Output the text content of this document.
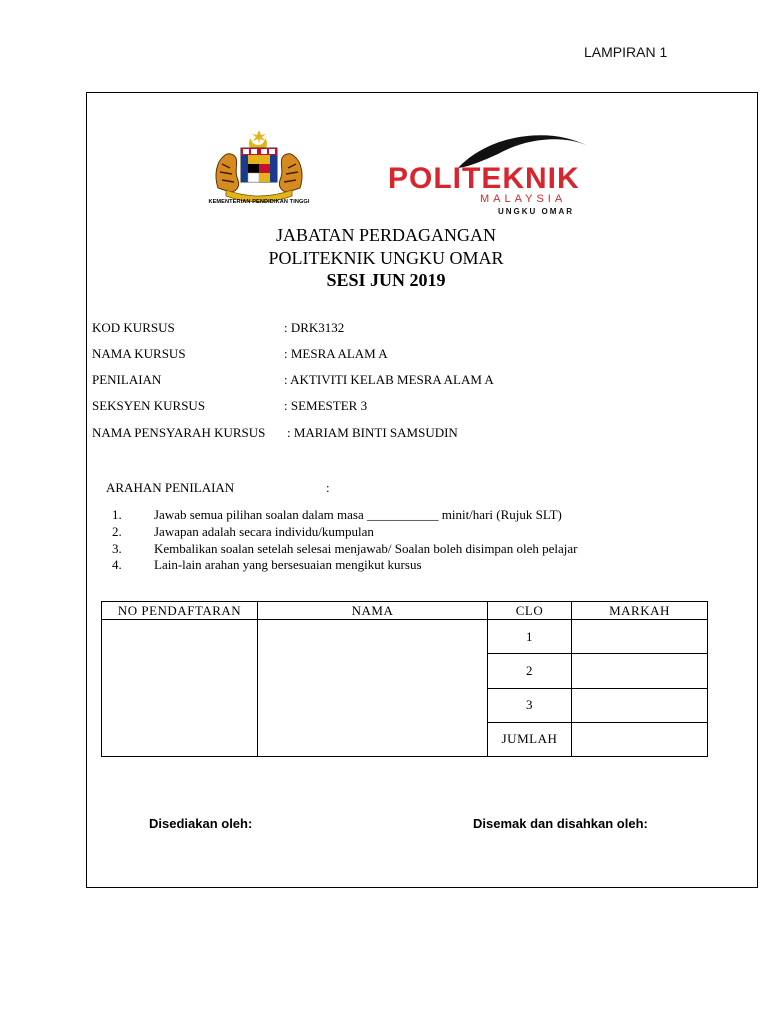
LAMPIRAN 1
KEMENTERIAN PENDIDIKAN TINGGI
POLITEKNIK
MALAYSIA
UNGKU OMAR
JABATAN PERDAGANGAN
POLITEKNIK UNGKU OMAR
SESI JUN 2019
KOD KURSUS	: DRK3132
NAMA KURSUS	: MESRA ALAM A
PENILAIAN	: AKTIVITI KELAB MESRA ALAM A
SEKSYEN KURSUS	: SEMESTER 3
NAMA PENSYARAH KURSUS : MARIAM BINTI SAMSUDIN
ARAHAN PENILAIAN	:
1. Jawab semua pilihan soalan dalam masa ___________ minit/hari (Rujuk SLT)
2. Jawapan adalah secara individu/kumpulan
3. Kembalikan soalan setelah selesai menjawab/ Soalan boleh disimpan oleh pelajar
4. Lain-lain arahan yang bersesuaian mengikut kursus
NO PENDAFTARAN	NAMA	CLO	MARKAH
		1	
		2	
		3	
		JUMLAH	
Disediakan oleh:	Disemak dan disahkan oleh:
